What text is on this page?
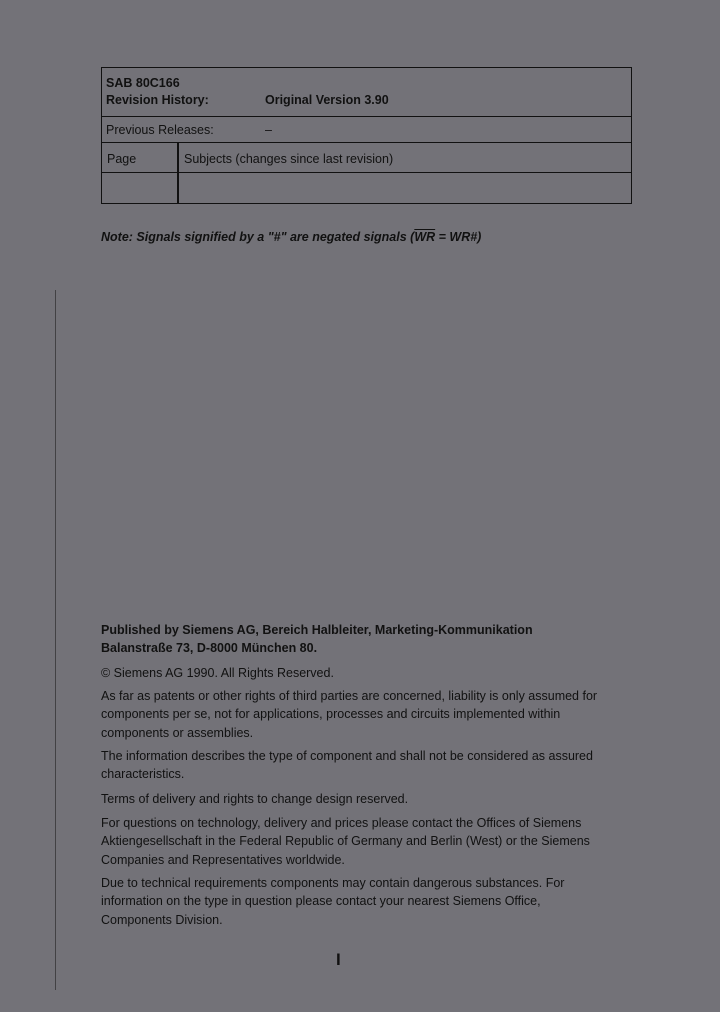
SAB 80C166
Revision History:	Original Version 3.90
Previous Releases:	–
Page	Subjects (changes since last revision)
Note: Signals signified by a "#" are negated signals ($\overline{WR}$ = WR#)
Published by Siemens AG, Bereich Halbleiter, Marketing-Kommunikation
Balanstraße 73, D-8000 München 80.
© Siemens AG 1990. All Rights Reserved.
As far as patents or other rights of third parties are concerned, liability is only assumed for components per se, not for applications, processes and circuits implemented within components or assemblies.
The information describes the type of component and shall not be considered as assured characteristics.
Terms of delivery and rights to change design reserved.
For questions on technology, delivery and prices please contact the Offices of Siemens Aktiengesellschaft in the Federal Republic of Germany and Berlin (West) or the Siemens Companies and Representatives worldwide.
Due to technical requirements components may contain dangerous substances. For information on the type in question please contact your nearest Siemens Office, Components Division.
I
